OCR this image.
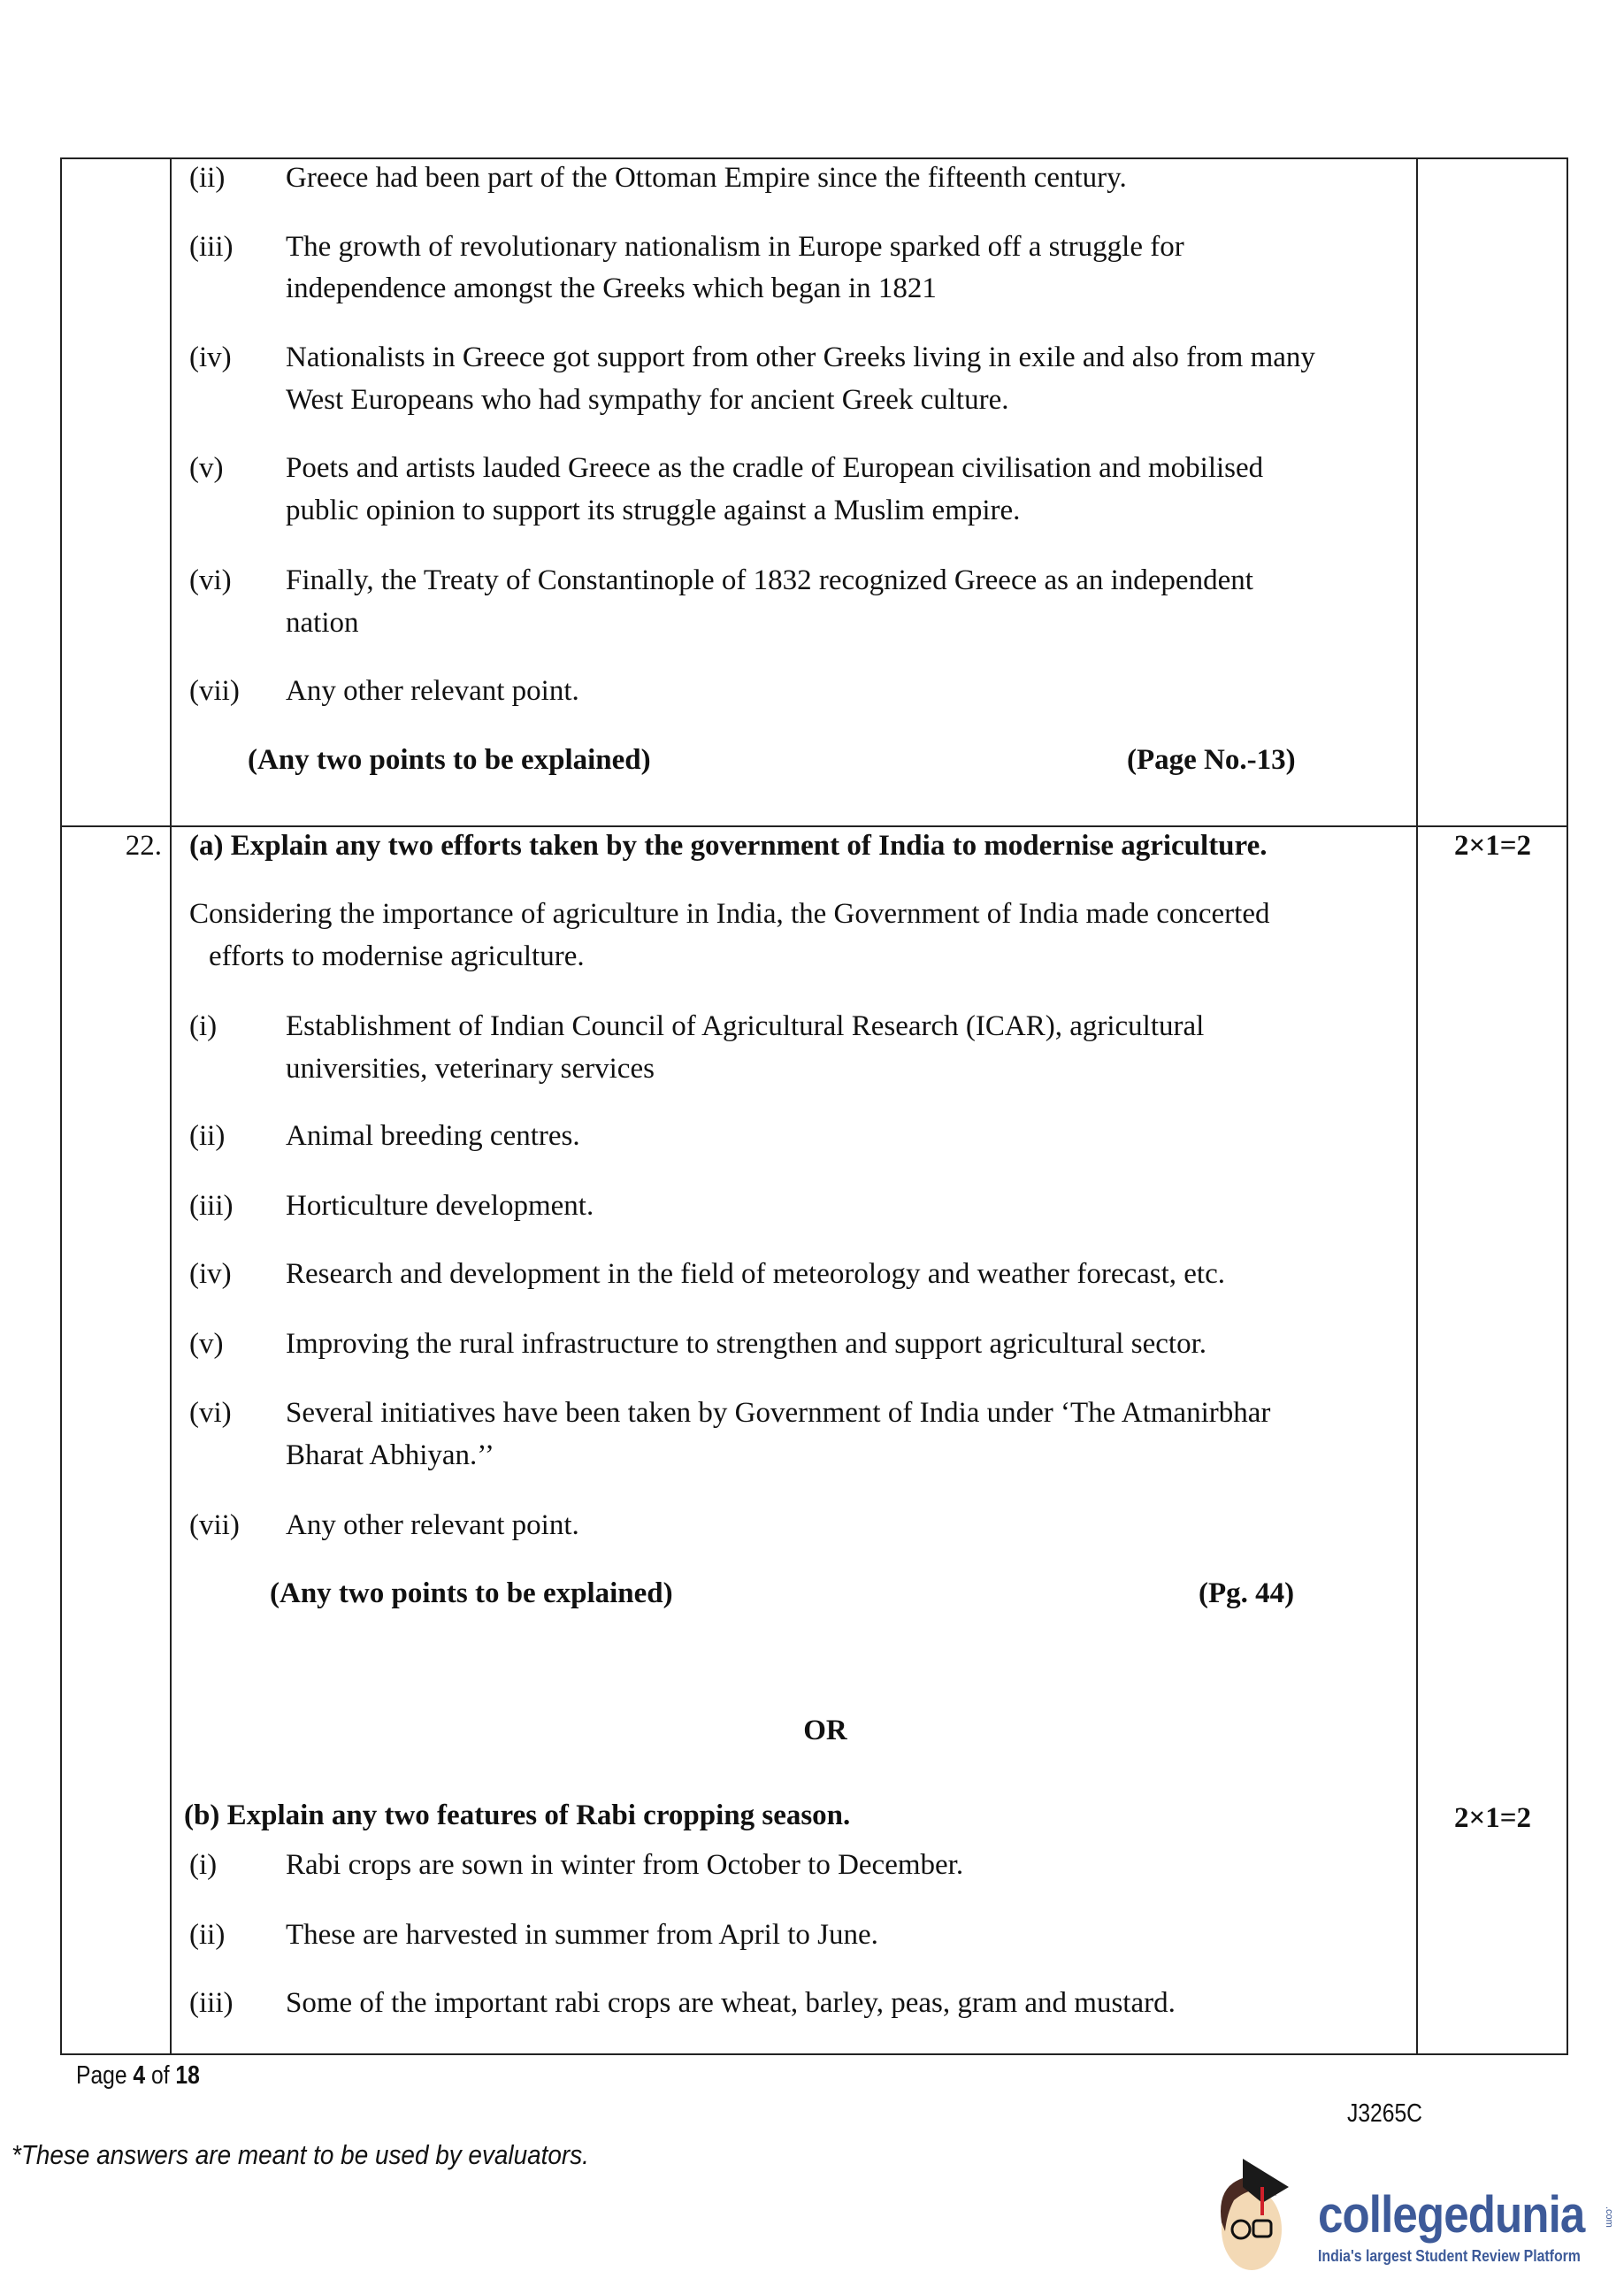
(ii) Greece had been part of the Ottoman Empire since the fifteenth century.
(iii) The growth of revolutionary nationalism in Europe sparked off a struggle for
independence amongst the Greeks which began in 1821
(iv) Nationalists in Greece got support from other Greeks living in exile and also from many
West Europeans who had sympathy for ancient Greek culture.
(v) Poets and artists lauded Greece as the cradle of European civilisation and mobilised
public opinion to support its struggle against a Muslim empire.
(vi) Finally, the Treaty of Constantinople of 1832 recognized Greece as an independent
nation
(vii) Any other relevant point.
(Any two points to be explained)	(Page No.-13)
22. (a) Explain any two efforts taken by the government of India to modernise agriculture.	2×1=2
Considering the importance of agriculture in India, the Government of India made concerted
efforts to modernise agriculture.
(i) Establishment of Indian Council of Agricultural Research (ICAR), agricultural
universities, veterinary services
(ii) Animal breeding centres.
(iii) Horticulture development.
(iv) Research and development in the field of meteorology and weather forecast, etc.
(v) Improving the rural infrastructure to strengthen and support agricultural sector.
(vi) Several initiatives have been taken by Government of India under ‘The Atmanirbhar
Bharat Abhiyan.’’
(vii) Any other relevant point.
(Any two points to be explained)	(Pg. 44)
OR
(b) Explain any two features of Rabi cropping season.	2×1=2
(i) Rabi crops are sown in winter from October to December.
(ii) These are harvested in summer from April to June.
(iii) Some of the important rabi crops are wheat, barley, peas, gram and mustard.
Page 4 of 18
J3265C
*These answers are meant to be used by evaluators.
collegedunia .com
India's largest Student Review Platform
